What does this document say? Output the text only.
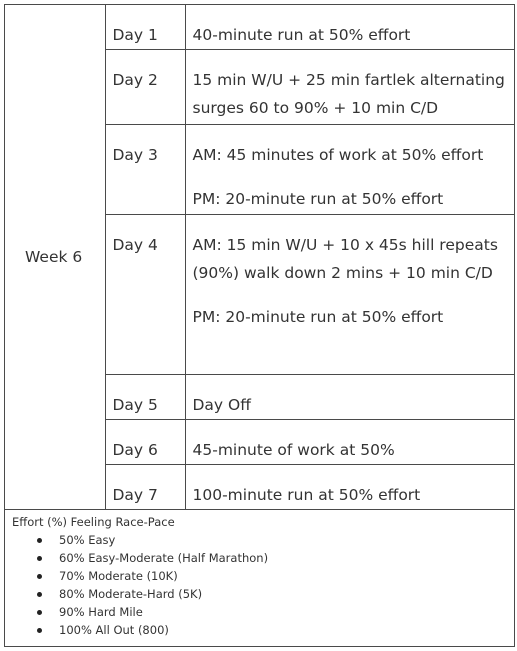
Week 6	Day 1	40-minute run at 50% effort

	Day 2	15 min W/U + 25 min fartlek alternating surges 60 to 90% + 10 min C/D

	Day 3	AM: 45 minutes of work at 50% effort

PM: 20-minute run at 50% effort

	Day 4	AM: 15 min W/U + 10 x 45s hill repeats (90%) walk down 2 mins + 10 min C/D

PM: 20-minute run at 50% effort

	Day 5	Day Off

	Day 6	45-minute of work at 50%

	Day 7	100-minute run at 50% effort

Effort (%) Feeling Race-Pace
50% Easy
60% Easy-Moderate (Half Marathon)
70% Moderate (10K)
80% Moderate-Hard (5K)
90% Hard Mile
100% All Out (800)
